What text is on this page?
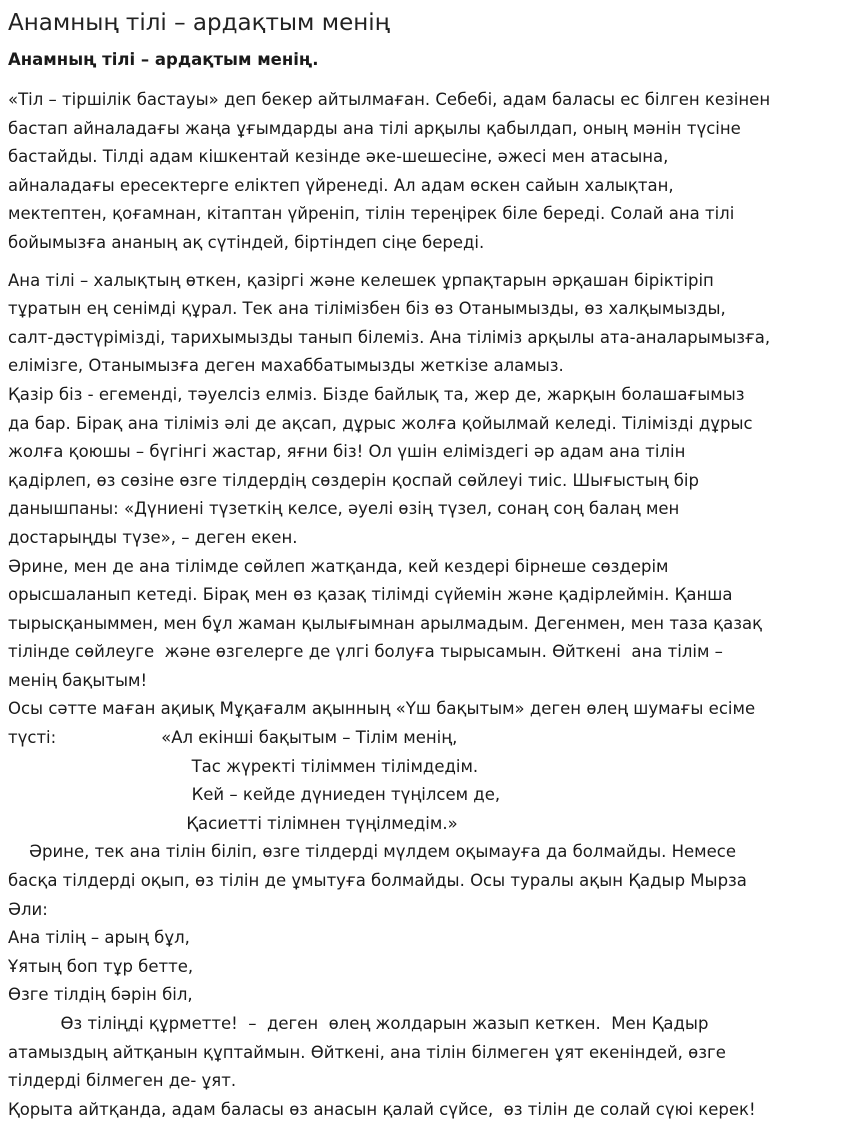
Анамның тілі – ардақтым менің
Анамның тілі – ардақтым менің.
«Тіл – тіршілік бастауы» деп бекер айтылмаған. Себебі, адам баласы ес білген кезінен
бастап айналадағы жаңа ұғымдарды ана тілі арқылы қабылдап, оның мәнін түсіне
бастайды. Тілді адам кішкентай кезінде әке-шешесіне, әжесі мен атасына,
айналадағы ересектерге еліктеп үйренеді. Ал адам өскен сайын халықтан,
мектептен, қоғамнан, кітаптан үйреніп, тілін тереңірек біле береді. Солай ана тілі
бойымызға ананың ақ сүтіндей, біртіндеп сіңе береді.
Ана тілі – халықтың өткен, қазіргі және келешек ұрпақтарын әрқашан біріктіріп
тұратын ең сенімді құрал. Тек ана тілімізбен біз өз Отанымызды, өз халқымызды,
салт-дәстүрімізді, тарихымызды танып білеміз. Ана тіліміз арқылы ата-аналарымызға,
елімізге, Отанымызға деген махаббатымызды жеткізе аламыз.
Қазір біз - егеменді, тәуелсіз елміз. Бізде байлық та, жер де, жарқын болашағымыз
да бар. Бірақ ана тіліміз әлі де ақсап, дұрыс жолға қойылмай келеді. Тілімізді дұрыс
жолға қоюшы – бүгінгі жастар, яғни біз! Ол үшін еліміздегі әр адам ана тілін
қадірлеп, өз сөзіне өзге тілдердің сөздерін қоспай сөйлеуі тиіс. Шығыстың бір
данышпаны: «Дүниені түзеткің келсе, әуелі өзің түзел, сонаң соң балаң мен
достарыңды түзе», – деген екен.
Әрине, мен де ана тілімде сөйлеп жатқанда, кей кездері бірнеше сөздерім
орысшаланып кетеді. Бірақ мен өз қазақ тілімді сүйемін және қадірлеймін. Қанша
тырысқаныммен, мен бұл жаман қылығымнан арылмадым. Дегенмен, мен таза қазақ
тілінде сөйлеуге  және өзгелерге де үлгі болуға тырысамын. Өйткені  ана тілім –
менің бақытым!
Осы сәтте маған ақиық Мұқағалм ақынның «Үш бақытым» деген өлең шумағы есіме
түсті:                    «Ал екінші бақытым – Тілім менің,
Тас жүректі тіліммен тілімдедім.
Кей – кейде дүниеден түңілсем де,
Қасиетті тілімнен түңілмедім.»
Әрине, тек ана тілін біліп, өзге тілдерді мүлдем оқымауға да болмайды. Немесе
басқа тілдерді оқып, өз тілін де ұмытуға болмайды. Осы туралы ақын Қадыр Мырза
Әли:
Ана тілің – арың бұл,
Ұятың боп тұр бетте,
Өзге тілдің бәрін біл,
Өз тіліңді құрметте!  –  деген  өлең жолдарын жазып кеткен.  Мен Қадыр
атамыздың айтқанын құптаймын. Өйткені, ана тілін білмеген ұят екеніндей, өзге
тілдерді білмеген де- ұят.
Қорыта айтқанда, адам баласы өз анасын қалай сүйсе,  өз тілін де солай сүюі керек!
